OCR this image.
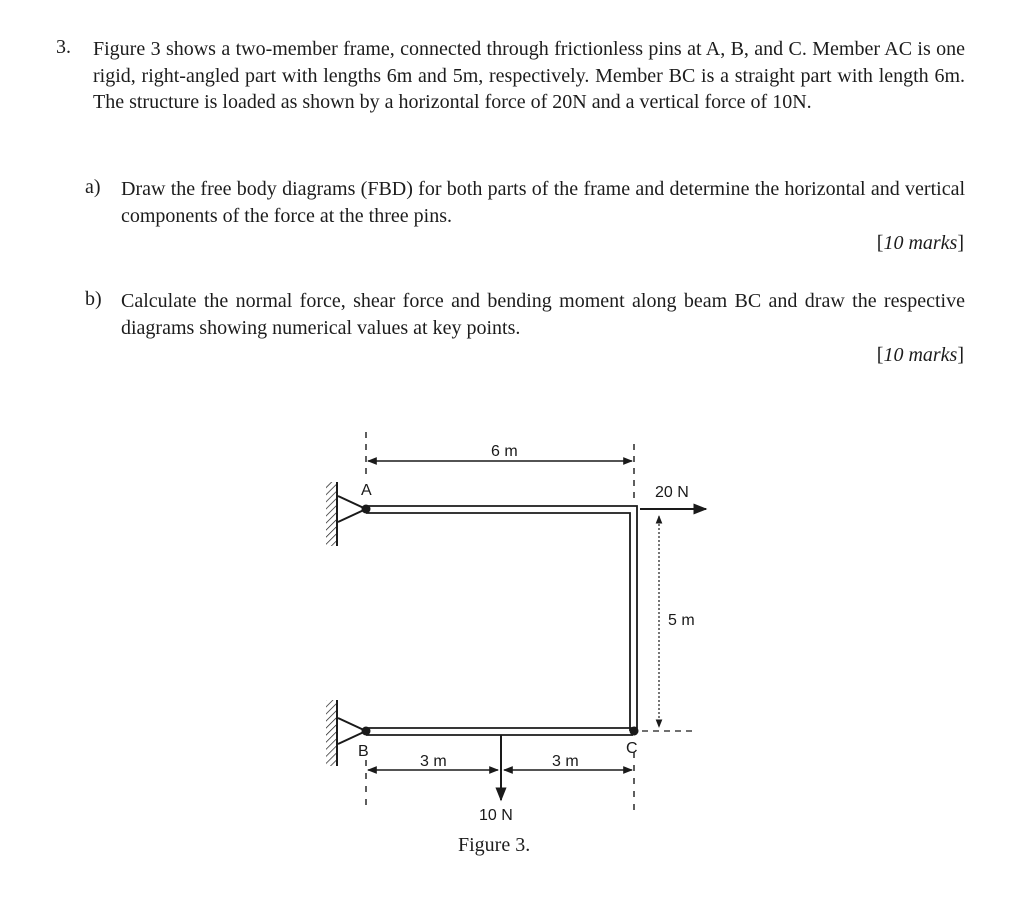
3. Figure 3 shows a two-member frame, connected through frictionless pins at A, B, and C. Member AC is one rigid, right-angled part with lengths 6m and 5m, respectively. Member BC is a straight part with length 6m. The structure is loaded as shown by a horizontal force of 20N and a vertical force of 10N.
a) Draw the free body diagrams (FBD) for both parts of the frame and determine the horizontal and vertical components of the force at the three pins.
[10 marks]
b) Calculate the normal force, shear force and bending moment along beam BC and draw the respective diagrams showing numerical values at key points.
[10 marks]
A
B	C
6 m
20 N
5 m
3 m	3 m
10 N
Figure 3.
